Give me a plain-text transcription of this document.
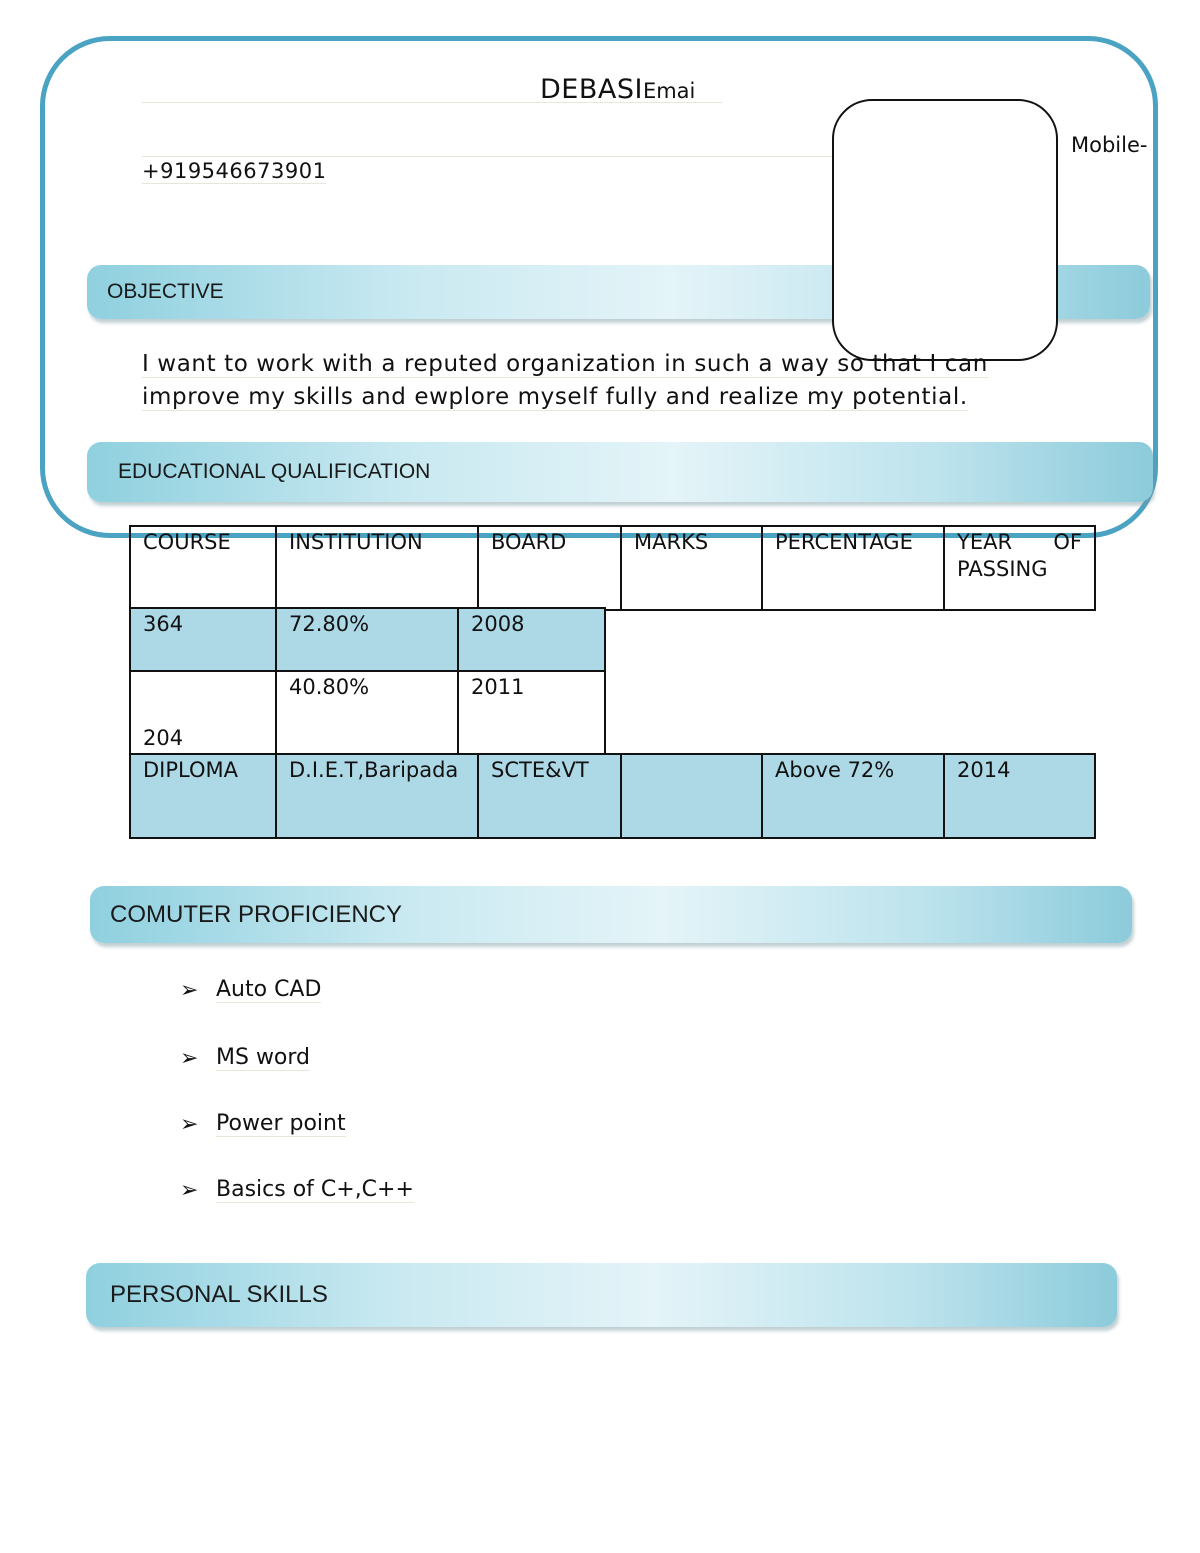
DEBASIEmai
Mobile-
+919546673901
OBJECTIVE
I want to work with a reputed organization in such a way so that I can
improve my skills and ewplore myself fully and realize my potential.
EDUCATIONAL QUALIFICATION
COURSE	INSTITUTION	BOARD	MARKS	PERCENTAGE	YEAR OF PASSING
364	72.80%	2008
204	40.80%	2011
DIPLOMA	D.I.E.T,Baripada	SCTE&VT		Above 72%	2014
COMUTER PROFICIENCY
➢ Auto CAD
➢ MS word
➢ Power point
➢ Basics of C+,C++
PERSONAL SKILLS
